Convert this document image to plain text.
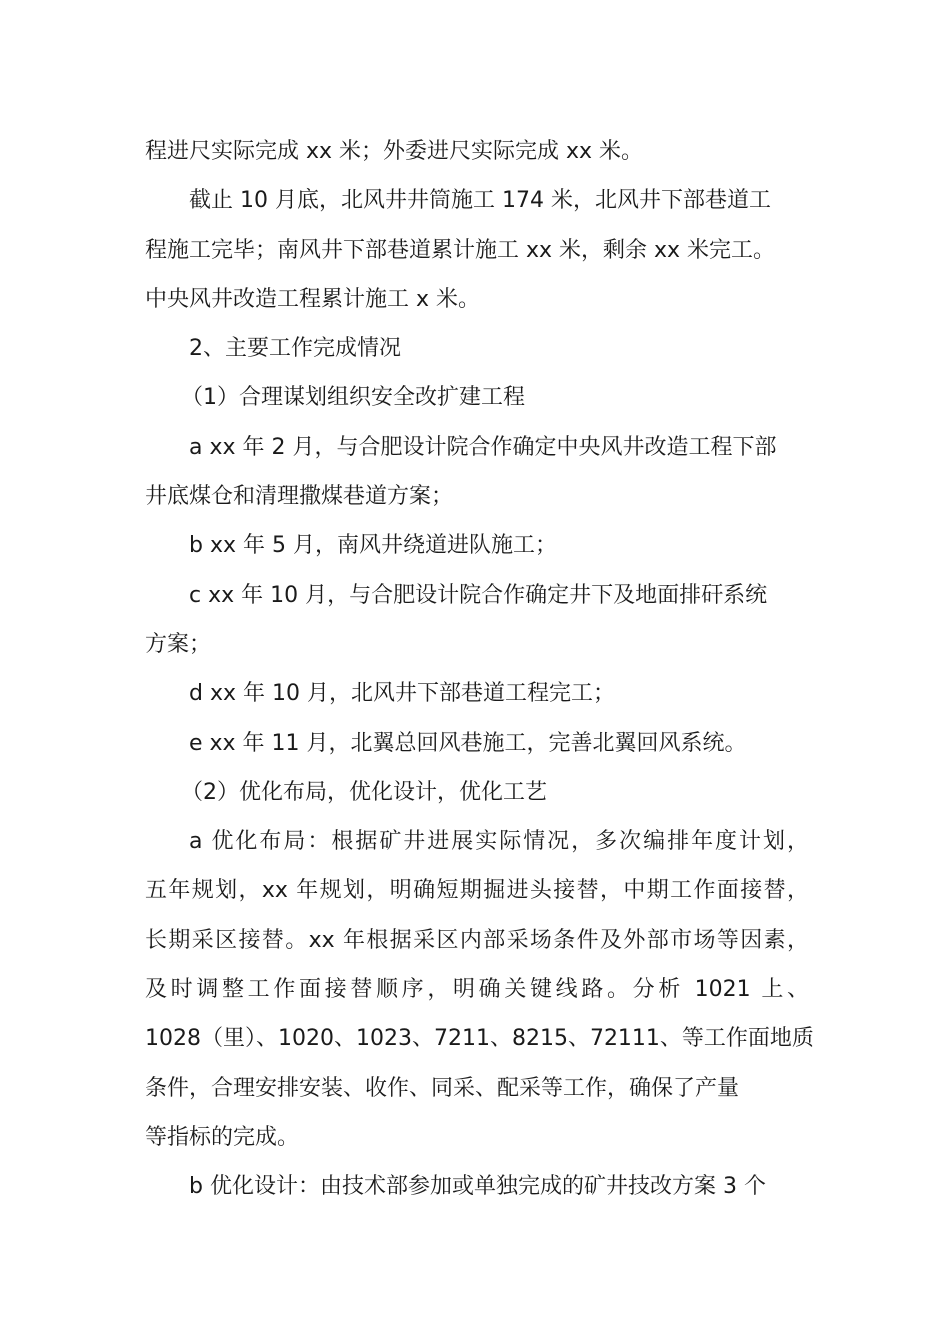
程进尺实际完成 xx 米；外委进尺实际完成 xx 米。
截止 10 月底，北风井井筒施工 174 米，北风井下部巷道工
程施工完毕；南风井下部巷道累计施工 xx 米，剩余 xx 米完工。
中央风井改造工程累计施工 x 米。
2、主要工作完成情况
（1）合理谋划组织安全改扩建工程
a xx 年 2 月，与合肥设计院合作确定中央风井改造工程下部
井底煤仓和清理撒煤巷道方案；
b xx 年 5 月，南风井绕道进队施工；
c xx 年 10 月，与合肥设计院合作确定井下及地面排矸系统
方案；
d xx 年 10 月，北风井下部巷道工程完工；
e xx 年 11 月，北翼总回风巷施工，完善北翼回风系统。
（2）优化布局，优化设计，优化工艺
a 优化布局：根据矿井进展实际情况，多次编排年度计划，
五年规划，xx 年规划，明确短期掘进头接替，中期工作面接替，
长期采区接替。xx 年根据采区内部采场条件及外部市场等因素，
及时调整工作面接替顺序，明确关键线路。分析 1021 上、
1028（里）、1020、1023、7211、8215、72111、等工作面地质
条件，合理安排安装、收作、同采、配采等工作，确保了产量
等指标的完成。
b 优化设计：由技术部参加或单独完成的矿井技改方案 3 个
